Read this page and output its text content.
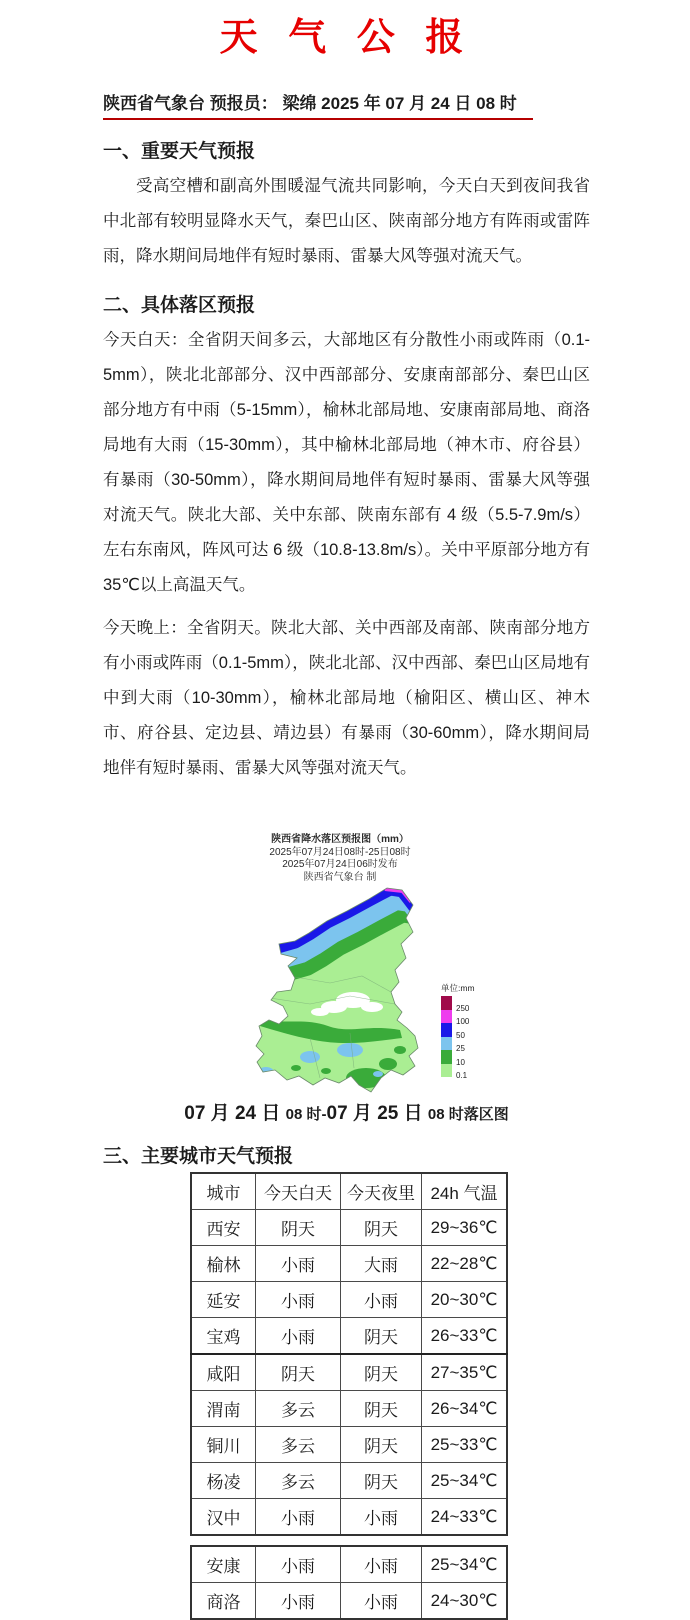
天 气 公 报
陕西省气象台 预报员： 梁绵 2025 年 07 月 24 日 08 时
一、重要天气预报

受高空槽和副高外围暖湿气流共同影响，今天白天到夜间我省中北部有较明显降水天气，秦巴山区、陕南部分地方有阵雨或雷阵雨，降水期间局地伴有短时暴雨、雷暴大风等强对流天气。

二、具体落区预报

今天白天：全省阴天间多云，大部地区有分散性小雨或阵雨（0.1-5mm），陕北北部部分、汉中西部部分、安康南部部分、秦巴山区部分地方有中雨（5-15mm），榆林北部局地、安康南部局地、商洛局地有大雨（15-30mm），其中榆林北部局地（神木市、府谷县）有暴雨（30-50mm），降水期间局地伴有短时暴雨、雷暴大风等强对流天气。陕北大部、关中东部、陕南东部有 4 级（5.5-7.9m/s）左右东南风，阵风可达 6 级（10.8-13.8m/s）。关中平原部分地方有 35℃以上高温天气。

今天晚上：全省阴天。陕北大部、关中西部及南部、陕南部分地方有小雨或阵雨（0.1-5mm），陕北北部、汉中西部、秦巴山区局地有中到大雨（10-30mm），榆林北部局地（榆阳区、横山区、神木市、府谷县、定边县、靖边县）有暴雨（30-60mm），降水期间局地伴有短时暴雨、雷暴大风等强对流天气。

陕西省降水落区预报图（mm）
2025年07月24日08时-25日08时
2025年07月24日06时发布
陕西省气象台 制
单位:mm
250
100
50
25
10
0.1
07 月 24 日 08 时-07 月 25 日 08 时落区图
三、主要城市天气预报
城市	今天白天	今天夜里	24h 气温
西安	阴天	阴天	29~36℃
榆林	小雨	大雨	22~28℃
延安	小雨	小雨	20~30℃
宝鸡	小雨	阴天	26~33℃
咸阳	阴天	阴天	27~35℃
渭南	多云	阴天	26~34℃
铜川	多云	阴天	25~33℃
杨凌	多云	阴天	25~34℃
汉中	小雨	小雨	24~33℃
安康	小雨	小雨	25~34℃
商洛	小雨	小雨	24~30℃
